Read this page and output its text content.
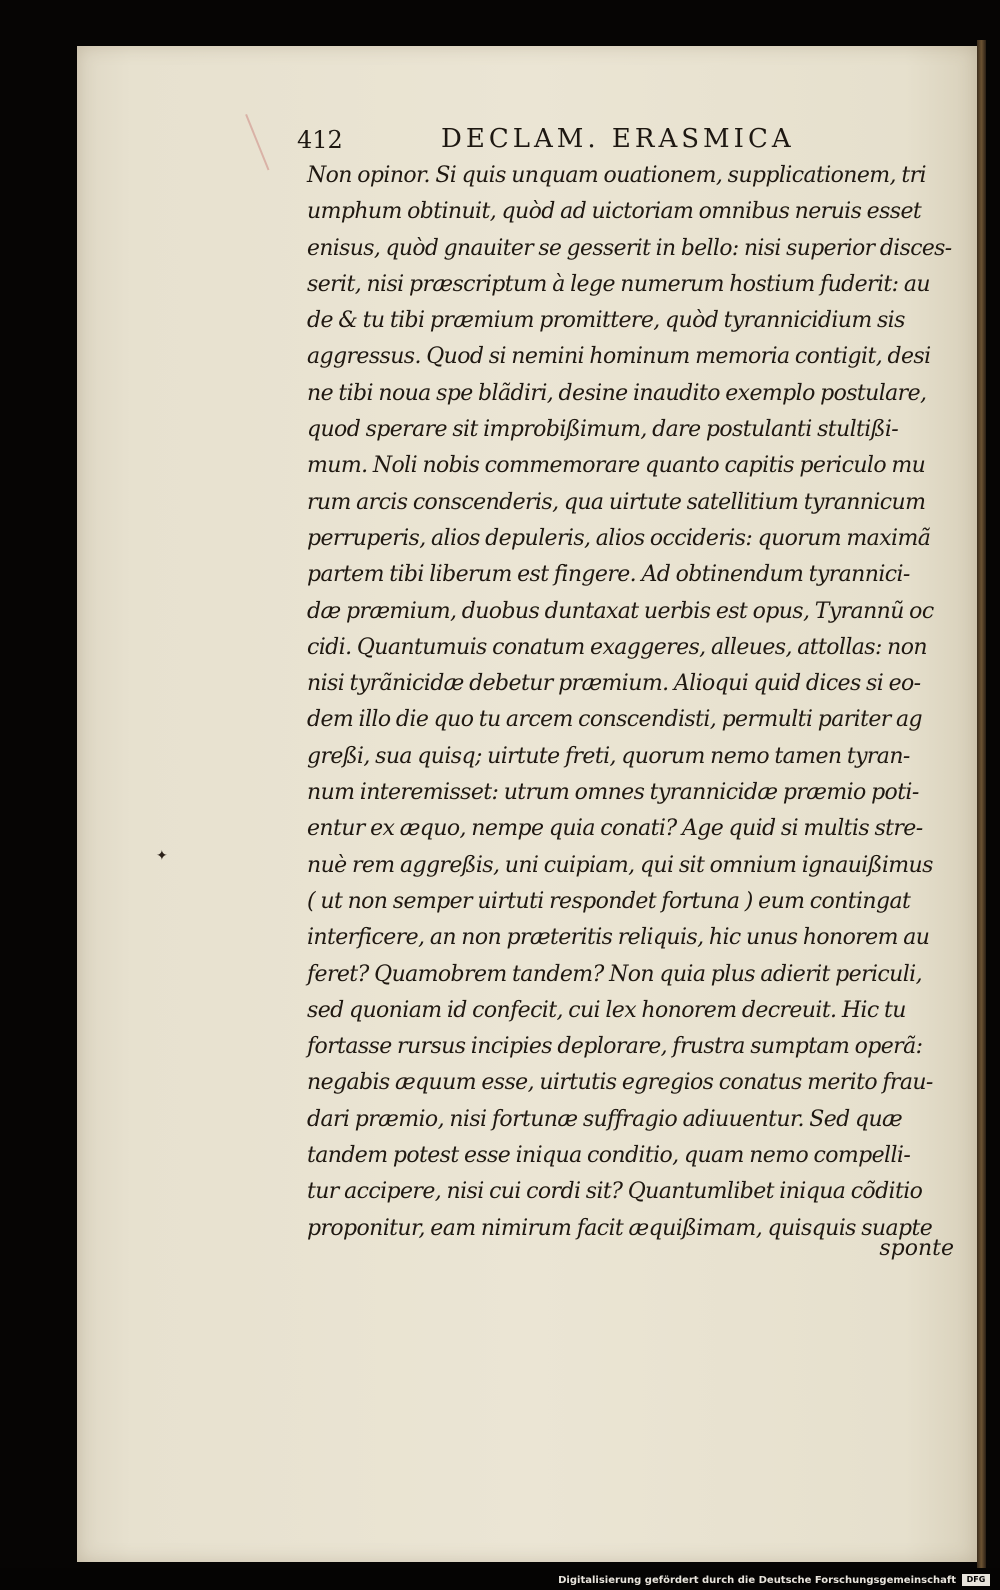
412	DECLAM. ERASMICA
Non opinor. Si quis unquam ouationem, supplicationem, tri
umphum obtinuit, quòd ad uictoriam omnibus neruis esset
enisus, quòd gnauiter se gesserit in bello: nisi superior disces-
serit, nisi præscriptum à lege numerum hostium fuderit: au
de & tu tibi præmium promittere, quòd tyrannicidium sis
aggressus. Quod si nemini hominum memoria contigit, desi
ne tibi noua spe blãdiri, desine inaudito exemplo postulare,
quod sperare sit improbißimum, dare postulanti stultißi-
mum. Noli nobis commemorare quanto capitis periculo mu
rum arcis conscenderis, qua uirtute satellitium tyrannicum
perruperis, alios depuleris, alios occideris: quorum maximã
partem tibi liberum est fingere. Ad obtinendum tyrannici-
dæ præmium, duobus duntaxat uerbis est opus, Tyrannũ oc
cidi. Quantumuis conatum exaggeres, alleues, attollas: non
nisi tyrãnicidæ debetur præmium. Alioqui quid dices si eo-
dem illo die quo tu arcem conscendisti, permulti pariter ag
greßi, sua quisq; uirtute freti, quorum nemo tamen tyran-
num interemisset: utrum omnes tyrannicidæ præmio poti-
entur ex æquo, nempe quia conati? Age quid si multis stre-
nuè rem aggreßis, uni cuipiam, qui sit omnium ignauißimus
( ut non semper uirtuti respondet fortuna ) eum contingat
interficere, an non præteritis reliquis, hic unus honorem au
feret? Quamobrem tandem? Non quia plus adierit periculi,
sed quoniam id confecit, cui lex honorem decreuit. Hic tu
fortasse rursus incipies deplorare, frustra sumptam operã:
negabis æquum esse, uirtutis egregios conatus merito frau-
dari præmio, nisi fortunæ suffragio adiuuentur. Sed quæ
tandem potest esse iniqua conditio, quam nemo compelli-
tur accipere, nisi cui cordi sit? Quantumlibet iniqua cõditio
proponitur, eam nimirum facit æquißimam, quisquis suapte
sponte
✦
Digitalisierung gefördert durch die Deutsche Forschungsgemeinschaft	DFG
